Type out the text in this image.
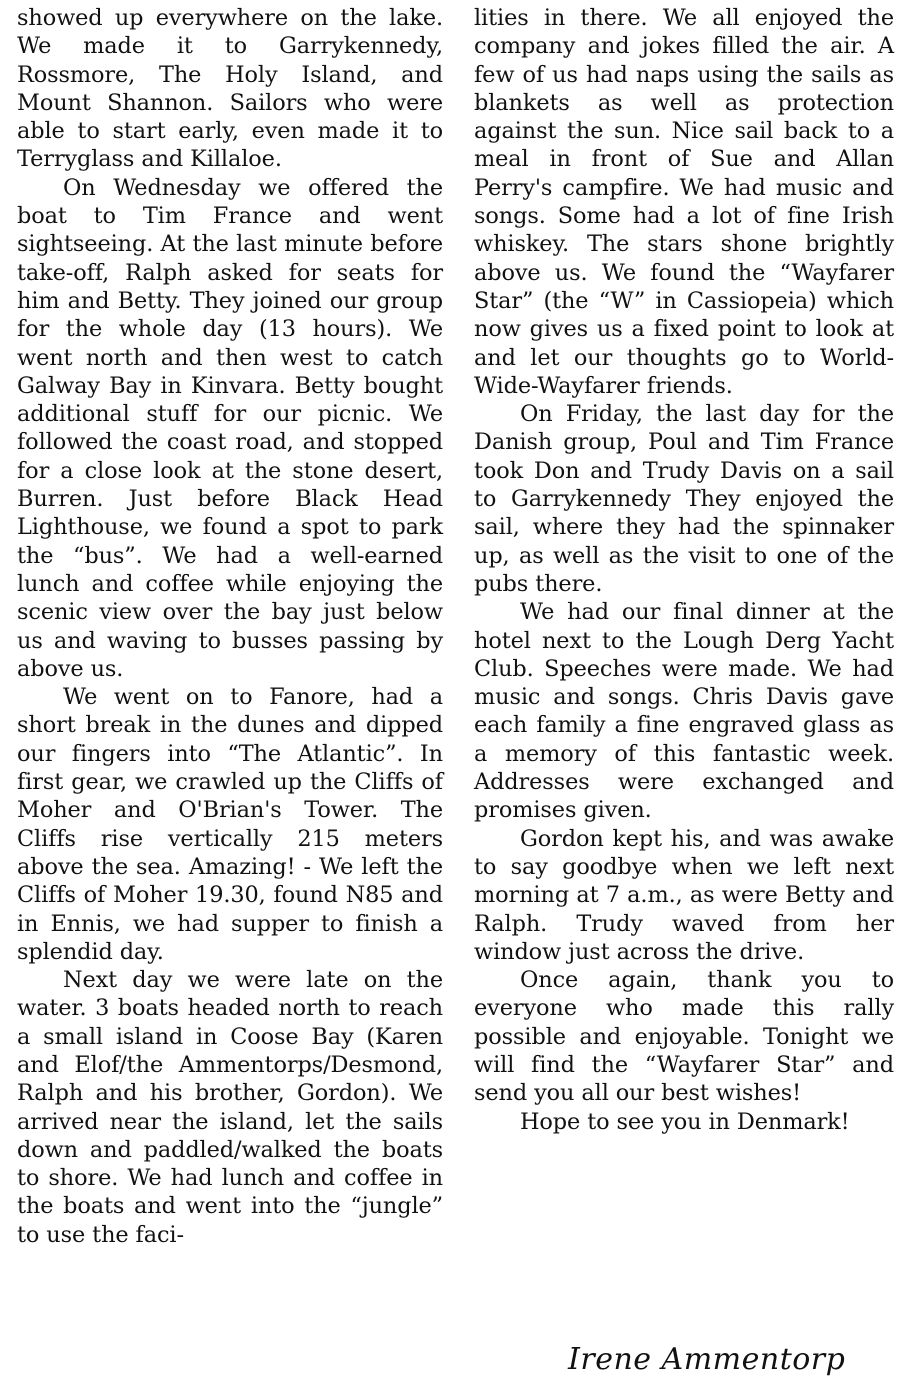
showed up everywhere on the lake. We made it to Garrykennedy, Rossmore, The Holy Island, and Mount Shannon. Sailors who were able to start early, even made it to Terryglass and Killaloe.

On Wednesday we offered the boat to Tim France and went sightseeing. At the last minute before take-off, Ralph asked for seats for him and Betty. They joined our group for the whole day (13 hours). We went north and then west to catch Galway Bay in Kinvara. Betty bought additional stuff for our picnic. We followed the coast road, and stopped for a close look at the stone desert, Burren. Just before Black Head Lighthouse, we found a spot to park the “bus”. We had a well-earned lunch and coffee while enjoying the scenic view over the bay just below us and waving to busses passing by above us.

We went on to Fanore, had a short break in the dunes and dipped our fingers into “The Atlantic”. In first gear, we crawled up the Cliffs of Moher and O'Brian's Tower. The Cliffs rise vertically 215 meters above the sea. Amazing! - We left the Cliffs of Moher 19.30, found N85 and in Ennis, we had supper to finish a splendid day.

Next day we were late on the water. 3 boats headed north to reach a small island in Coose Bay (Karen and Elof/the Ammentorps/Desmond, Ralph and his brother, Gordon). We arrived near the island, let the sails down and paddled/walked the boats to shore. We had lunch and coffee in the boats and went into the “jungle” to use the faci-

lities in there. We all enjoyed the company and jokes filled the air. A few of us had naps using the sails as blankets as well as protection against the sun. Nice sail back to a meal in front of Sue and Allan Perry's campfire. We had music and songs. Some had a lot of fine Irish whiskey. The stars shone brightly above us. We found the “Wayfarer Star” (the “W” in Cassiopeia) which now gives us a fixed point to look at and let our thoughts go to World-Wide-Wayfarer friends.

On Friday, the last day for the Danish group, Poul and Tim France took Don and Trudy Davis on a sail to Garrykennedy They enjoyed the sail, where they had the spinnaker up, as well as the visit to one of the pubs there.

We had our final dinner at the hotel next to the Lough Derg Yacht Club. Speeches were made. We had music and songs. Chris Davis gave each family a fine engraved glass as a memory of this fantastic week. Addresses were exchanged and promises given.

Gordon kept his, and was awake to say goodbye when we left next morning at 7 a.m., as were Betty and Ralph. Trudy waved from her window just across the drive.

Once again, thank you to everyone who made this rally possible and enjoyable. Tonight we will find the “Wayfarer Star” and send you all our best wishes!

Hope to see you in Denmark!

Irene Ammentorp
